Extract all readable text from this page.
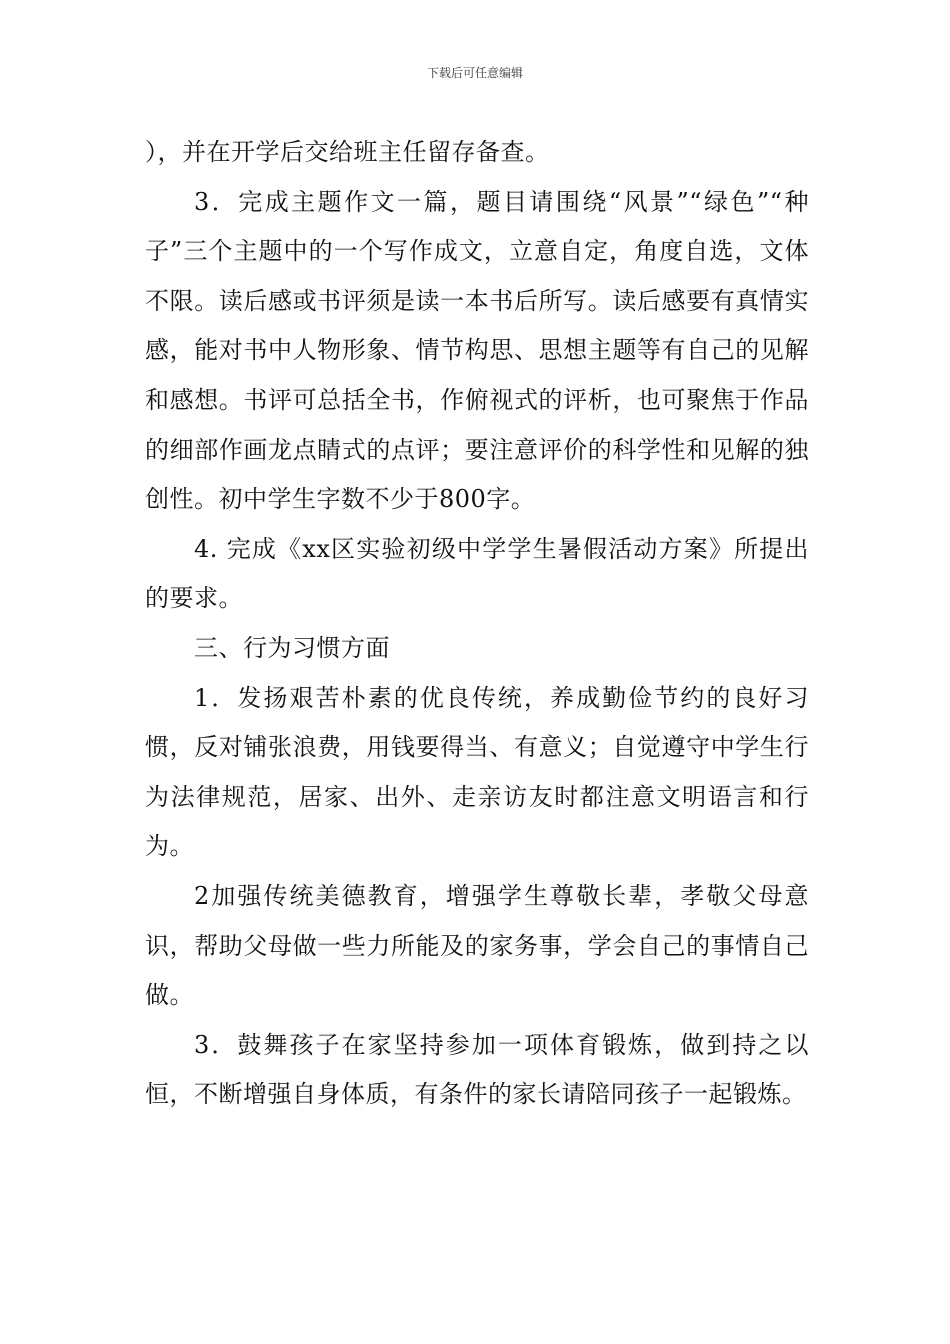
下载后可任意编辑

），并在开学后交给班主任留存备查。

3．完成主题作文一篇，题目请围绕“风景”“绿色”“种子”三个主题中的一个写作成文，立意自定，角度自选，文体不限。读后感或书评须是读一本书后所写。读后感要有真情实感，能对书中人物形象、情节构思、思想主题等有自己的见解和感想。书评可总括全书，作俯视式的评析，也可聚焦于作品的细部作画龙点睛式的点评；要注意评价的科学性和见解的独创性。初中学生字数不少于800字。

4. 完成《xx区实验初级中学学生暑假活动方案》所提出的要求。

三、行为习惯方面

1．发扬艰苦朴素的优良传统，养成勤俭节约的良好习惯，反对铺张浪费，用钱要得当、有意义；自觉遵守中学生行为法律规范，居家、出外、走亲访友时都注意文明语言和行为。

2加强传统美德教育，增强学生尊敬长辈，孝敬父母意识，帮助父母做一些力所能及的家务事，学会自己的事情自己做。

3．鼓舞孩子在家坚持参加一项体育锻炼，做到持之以恒，不断增强自身体质，有条件的家长请陪同孩子一起锻炼。
